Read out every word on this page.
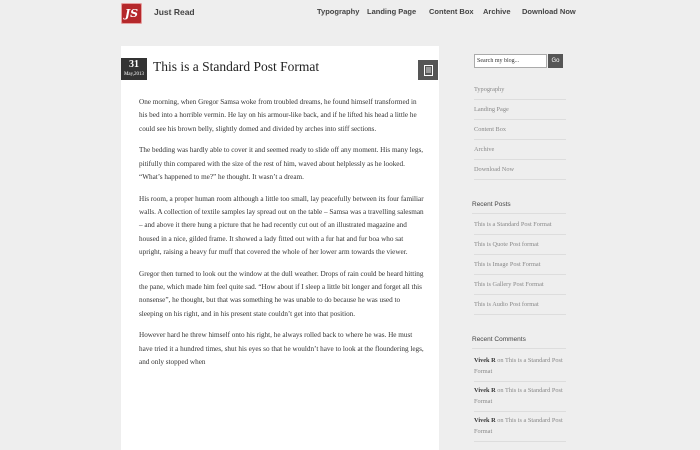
JS	Just Read	Typography Landing Page Content Box Archive Download Now
31
May,2013
This is a Standard Post Format

One morning, when Gregor Samsa woke from troubled dreams, he found himself transformed in his bed into a horrible vermin. He lay on his armour-like back, and if he lifted his head a little he could see his brown belly, slightly domed and divided by arches into stiff sections.

The bedding was hardly able to cover it and seemed ready to slide off any moment. His many legs, pitifully thin compared with the size of the rest of him, waved about helplessly as he looked. “What’s happened to me?” he thought. It wasn’t a dream.

His room, a proper human room although a little too small, lay peacefully between its four familiar walls. A collection of textile samples lay spread out on the table – Samsa was a travelling salesman – and above it there hung a picture that he had recently cut out of an illustrated magazine and housed in a nice, gilded frame. It showed a lady fitted out with a fur hat and fur boa who sat upright, raising a heavy fur muff that covered the whole of her lower arm towards the viewer.

Gregor then turned to look out the window at the dull weather. Drops of rain could be heard hitting the pane, which made him feel quite sad. “How about if I sleep a little bit longer and forget all this nonsense”, he thought, but that was something he was unable to do because he was used to sleeping on his right, and in his present state couldn’t get into that position.

However hard he threw himself onto his right, he always rolled back to where he was. He must have tried it a hundred times, shut his eyes so that he wouldn’t have to look at the floundering legs, and only stopped when

Search my blog...
Go
Typography
Landing Page
Content Box
Archive
Download Now
Recent Posts
This is a Standard Post Format
This is Quote Post format
This is Image Post Format
This is Gallery Post Format
This is Audio Post format
Recent Comments
Vivek R on This is a Standard Post Format
Vivek R on This is a Standard Post Format
Vivek R on This is a Standard Post Format
